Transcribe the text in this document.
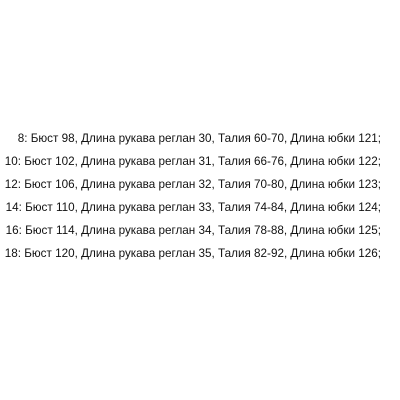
8: Бюст 98, Длина рукава реглан 30, Талия 60-70, Длина юбки 121;
10: Бюст 102, Длина рукава реглан 31, Талия 66-76, Длина юбки 122;
12: Бюст 106, Длина рукава реглан 32, Талия 70-80, Длина юбки 123;
14: Бюст 110, Длина рукава реглан 33, Талия 74-84, Длина юбки 124;
16: Бюст 114, Длина рукава реглан 34, Талия 78-88, Длина юбки 125;
18: Бюст 120, Длина рукава реглан 35, Талия 82-92, Длина юбки 126;
